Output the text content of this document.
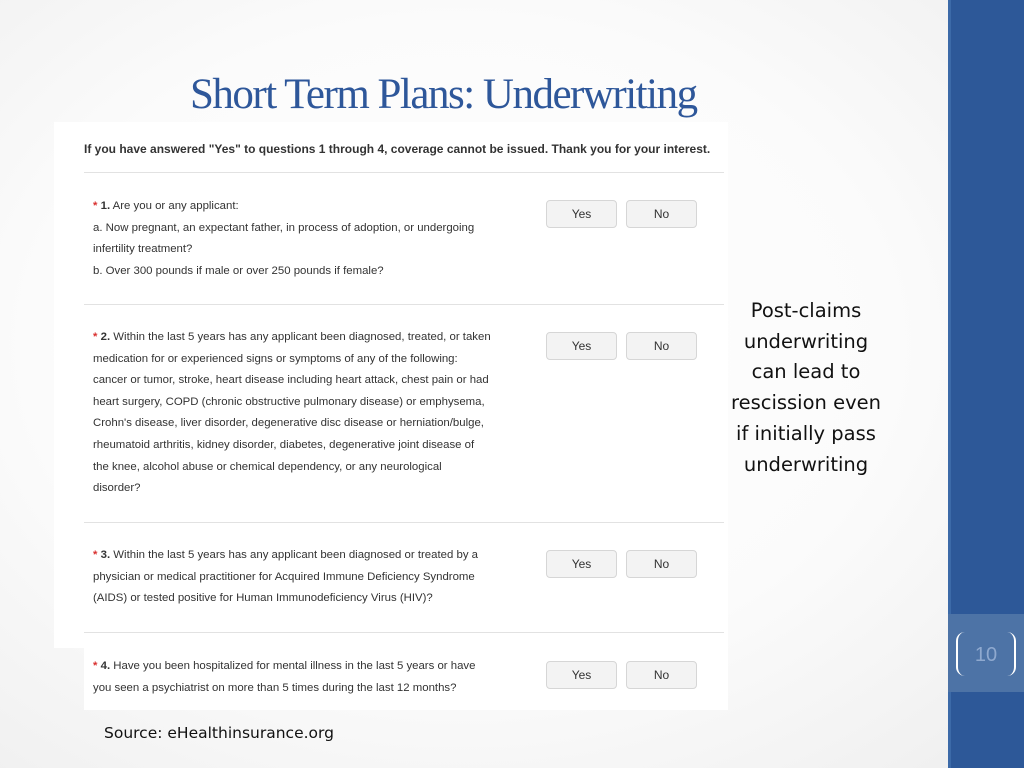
10
Short Term Plans: Underwriting
If you have answered "Yes" to questions 1 through 4, coverage cannot be issued. Thank you for your interest.
* 1. Are you or any applicant:
a. Now pregnant, an expectant father, in process of adoption, or undergoing
infertility treatment?
b. Over 300 pounds if male or over 250 pounds if female?
Yes	No
* 2. Within the last 5 years has any applicant been diagnosed, treated, or taken
medication for or experienced signs or symptoms of any of the following:
cancer or tumor, stroke, heart disease including heart attack, chest pain or had
heart surgery, COPD (chronic obstructive pulmonary disease) or emphysema,
Crohn's disease, liver disorder, degenerative disc disease or herniation/bulge,
rheumatoid arthritis, kidney disorder, diabetes, degenerative joint disease of
the knee, alcohol abuse or chemical dependency, or any neurological
disorder?
Yes	No
* 3. Within the last 5 years has any applicant been diagnosed or treated by a
physician or medical practitioner for Acquired Immune Deficiency Syndrome
(AIDS) or tested positive for Human Immunodeficiency Virus (HIV)?
Yes	No
* 4. Have you been hospitalized for mental illness in the last 5 years or have
you seen a psychiatrist on more than 5 times during the last 12 months?
Yes	No
Post-claims underwriting can lead to rescission even if initially pass underwriting
Source: eHealthinsurance.org
